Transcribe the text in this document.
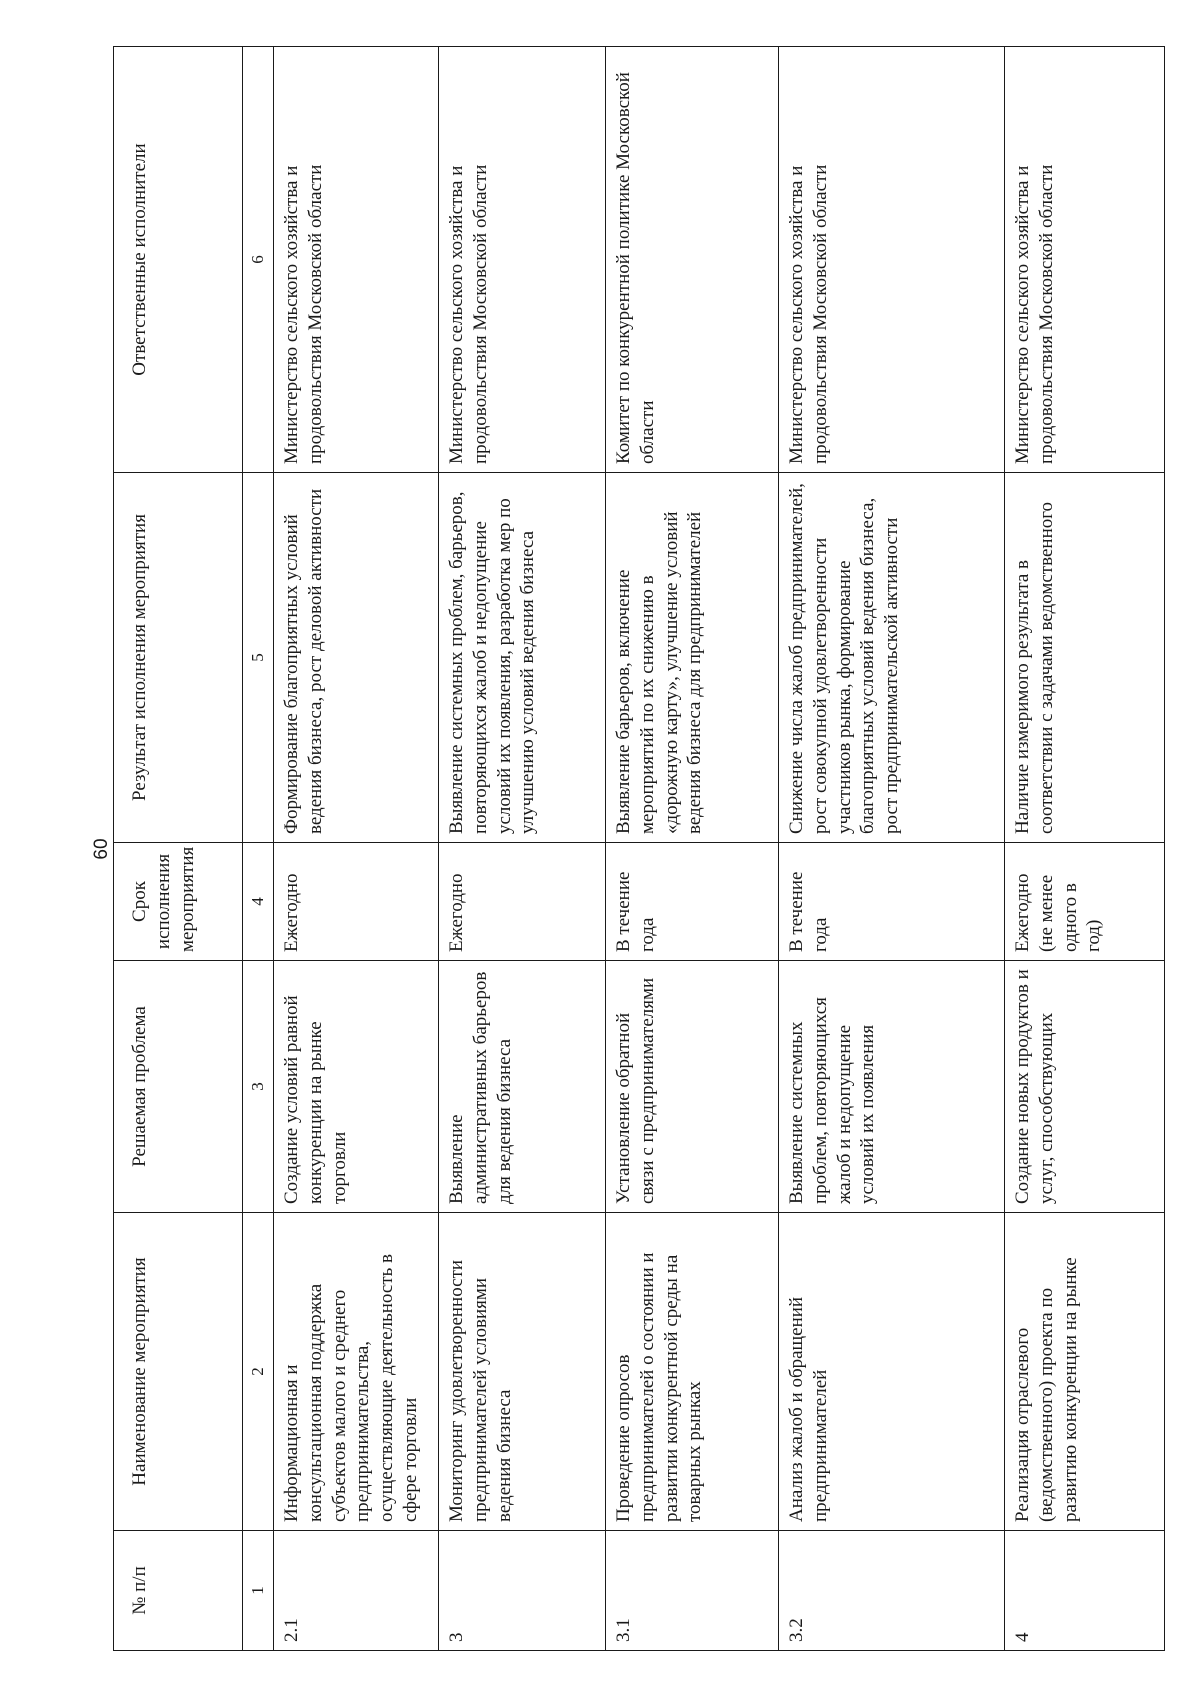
60
№ п/п	Наименование мероприятия	Решаемая проблема	Срок исполнения мероприятия	Результат исполнения мероприятия	Ответственные исполнители
1	2	3	4	5	6
2.1	Информационная и консультационная поддержка субъектов малого и среднего предпринимательства, осуществляющие деятельность в сфере торговли	Создание условий равной конкуренции на рынке торговли	Ежегодно	Формирование благоприятных условий ведения бизнеса, рост деловой активности	Министерство сельского хозяйства и продовольствия Московской области
3	Мониторинг удовлетворенности предпринимателей условиями ведения бизнеса	Выявление административных барьеров для ведения бизнеса	Ежегодно	Выявление системных проблем, барьеров, повторяющихся жалоб и недопущение условий их появления, разработка мер по улучшению условий ведения бизнеса	Министерство сельского хозяйства и продовольствия Московской области
3.1	Проведение опросов предпринимателей о состоянии и развитии конкурентной среды на товарных рынках	Установление обратной связи с предпринимателями	В течение года	Выявление барьеров, включение мероприятий по их снижению в «дорожную карту», улучшение условий ведения бизнеса для предпринимателей	Комитет по конкурентной политике Московской области
3.2	Анализ жалоб и обращений предпринимателей	Выявление системных проблем, повторяющихся жалоб и недопущение условий их появления	В течение года	Снижение числа жалоб предпринимателей, рост совокупной удовлетворенности участников рынка, формирование благоприятных условий ведения бизнеса, рост предпринимательской активности	Министерство сельского хозяйства и продовольствия Московской области
4	Реализация отраслевого (ведомственного) проекта по развитию конкуренции на рынке	Создание новых продуктов и услуг, способствующих	Ежегодно (не менее одного в год)	Наличие измеримого результата в соответствии с задачами ведомственного	Министерство сельского хозяйства и продовольствия Московской области
